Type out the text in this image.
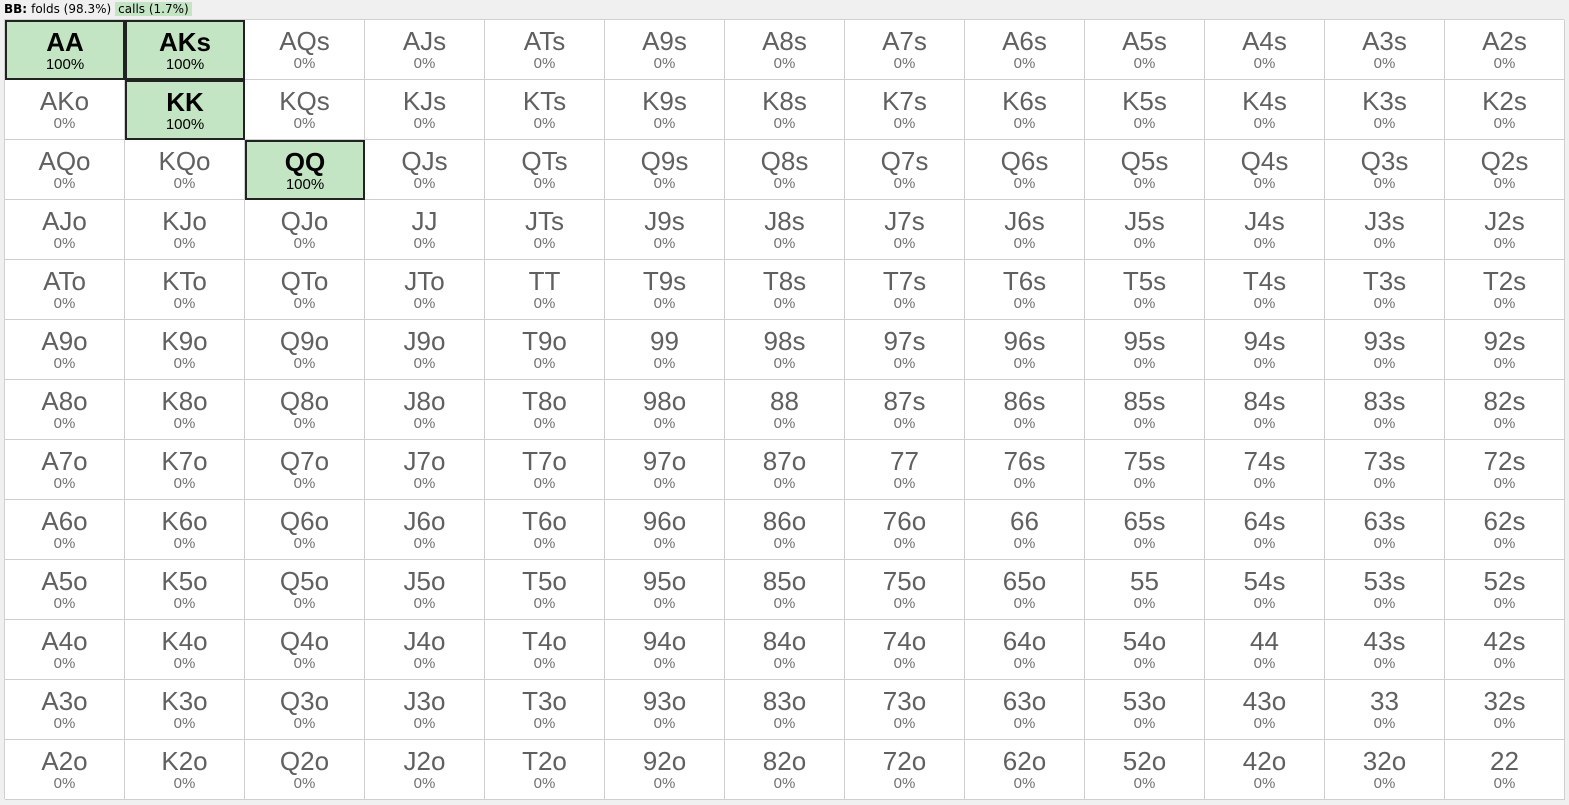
BB: folds (98.3%) calls (1.7%)
AA
100%
AKs
100%
AQs
0%
AJs
0%
ATs
0%
A9s
0%
A8s
0%
A7s
0%
A6s
0%
A5s
0%
A4s
0%
A3s
0%
A2s
0%
AKo
0%
KK
100%
KQs
0%
KJs
0%
KTs
0%
K9s
0%
K8s
0%
K7s
0%
K6s
0%
K5s
0%
K4s
0%
K3s
0%
K2s
0%
AQo
0%
KQo
0%
QQ
100%
QJs
0%
QTs
0%
Q9s
0%
Q8s
0%
Q7s
0%
Q6s
0%
Q5s
0%
Q4s
0%
Q3s
0%
Q2s
0%
AJo
0%
KJo
0%
QJo
0%
JJ
0%
JTs
0%
J9s
0%
J8s
0%
J7s
0%
J6s
0%
J5s
0%
J4s
0%
J3s
0%
J2s
0%
ATo
0%
KTo
0%
QTo
0%
JTo
0%
TT
0%
T9s
0%
T8s
0%
T7s
0%
T6s
0%
T5s
0%
T4s
0%
T3s
0%
T2s
0%
A9o
0%
K9o
0%
Q9o
0%
J9o
0%
T9o
0%
99
0%
98s
0%
97s
0%
96s
0%
95s
0%
94s
0%
93s
0%
92s
0%
A8o
0%
K8o
0%
Q8o
0%
J8o
0%
T8o
0%
98o
0%
88
0%
87s
0%
86s
0%
85s
0%
84s
0%
83s
0%
82s
0%
A7o
0%
K7o
0%
Q7o
0%
J7o
0%
T7o
0%
97o
0%
87o
0%
77
0%
76s
0%
75s
0%
74s
0%
73s
0%
72s
0%
A6o
0%
K6o
0%
Q6o
0%
J6o
0%
T6o
0%
96o
0%
86o
0%
76o
0%
66
0%
65s
0%
64s
0%
63s
0%
62s
0%
A5o
0%
K5o
0%
Q5o
0%
J5o
0%
T5o
0%
95o
0%
85o
0%
75o
0%
65o
0%
55
0%
54s
0%
53s
0%
52s
0%
A4o
0%
K4o
0%
Q4o
0%
J4o
0%
T4o
0%
94o
0%
84o
0%
74o
0%
64o
0%
54o
0%
44
0%
43s
0%
42s
0%
A3o
0%
K3o
0%
Q3o
0%
J3o
0%
T3o
0%
93o
0%
83o
0%
73o
0%
63o
0%
53o
0%
43o
0%
33
0%
32s
0%
A2o
0%
K2o
0%
Q2o
0%
J2o
0%
T2o
0%
92o
0%
82o
0%
72o
0%
62o
0%
52o
0%
42o
0%
32o
0%
22
0%
